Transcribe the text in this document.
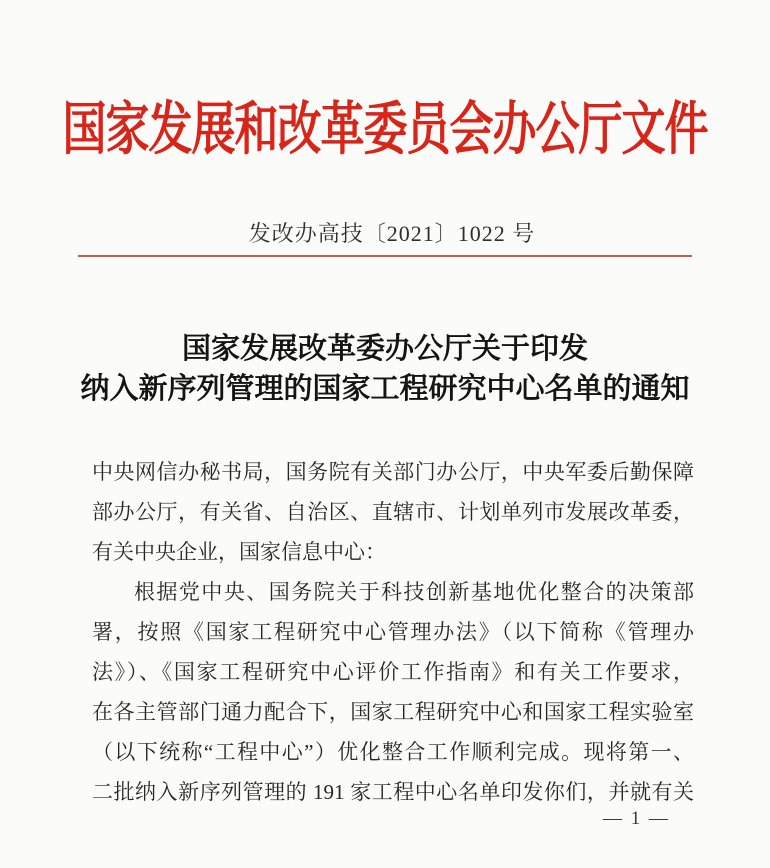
国家发展和改革委员会办公厅文件
发改办高技〔2021〕1022 号
国家发展改革委办公厅关于印发
纳入新序列管理的国家工程研究中心名单的通知
中央网信办秘书局，国务院有关部门办公厅，中央军委后勤保障
部办公厅，有关省、自治区、直辖市、计划单列市发展改革委，
有关中央企业，国家信息中心：
根据党中央、国务院关于科技创新基地优化整合的决策部
署，按照《国家工程研究中心管理办法》（以下简称《管理办
法》）、《国家工程研究中心评价工作指南》和有关工作要求，
在各主管部门通力配合下，国家工程研究中心和国家工程实验室
（以下统称“工程中心”）优化整合工作顺利完成。现将第一、
二批纳入新序列管理的 191 家工程中心名单印发你们，并就有关
— 1 —
